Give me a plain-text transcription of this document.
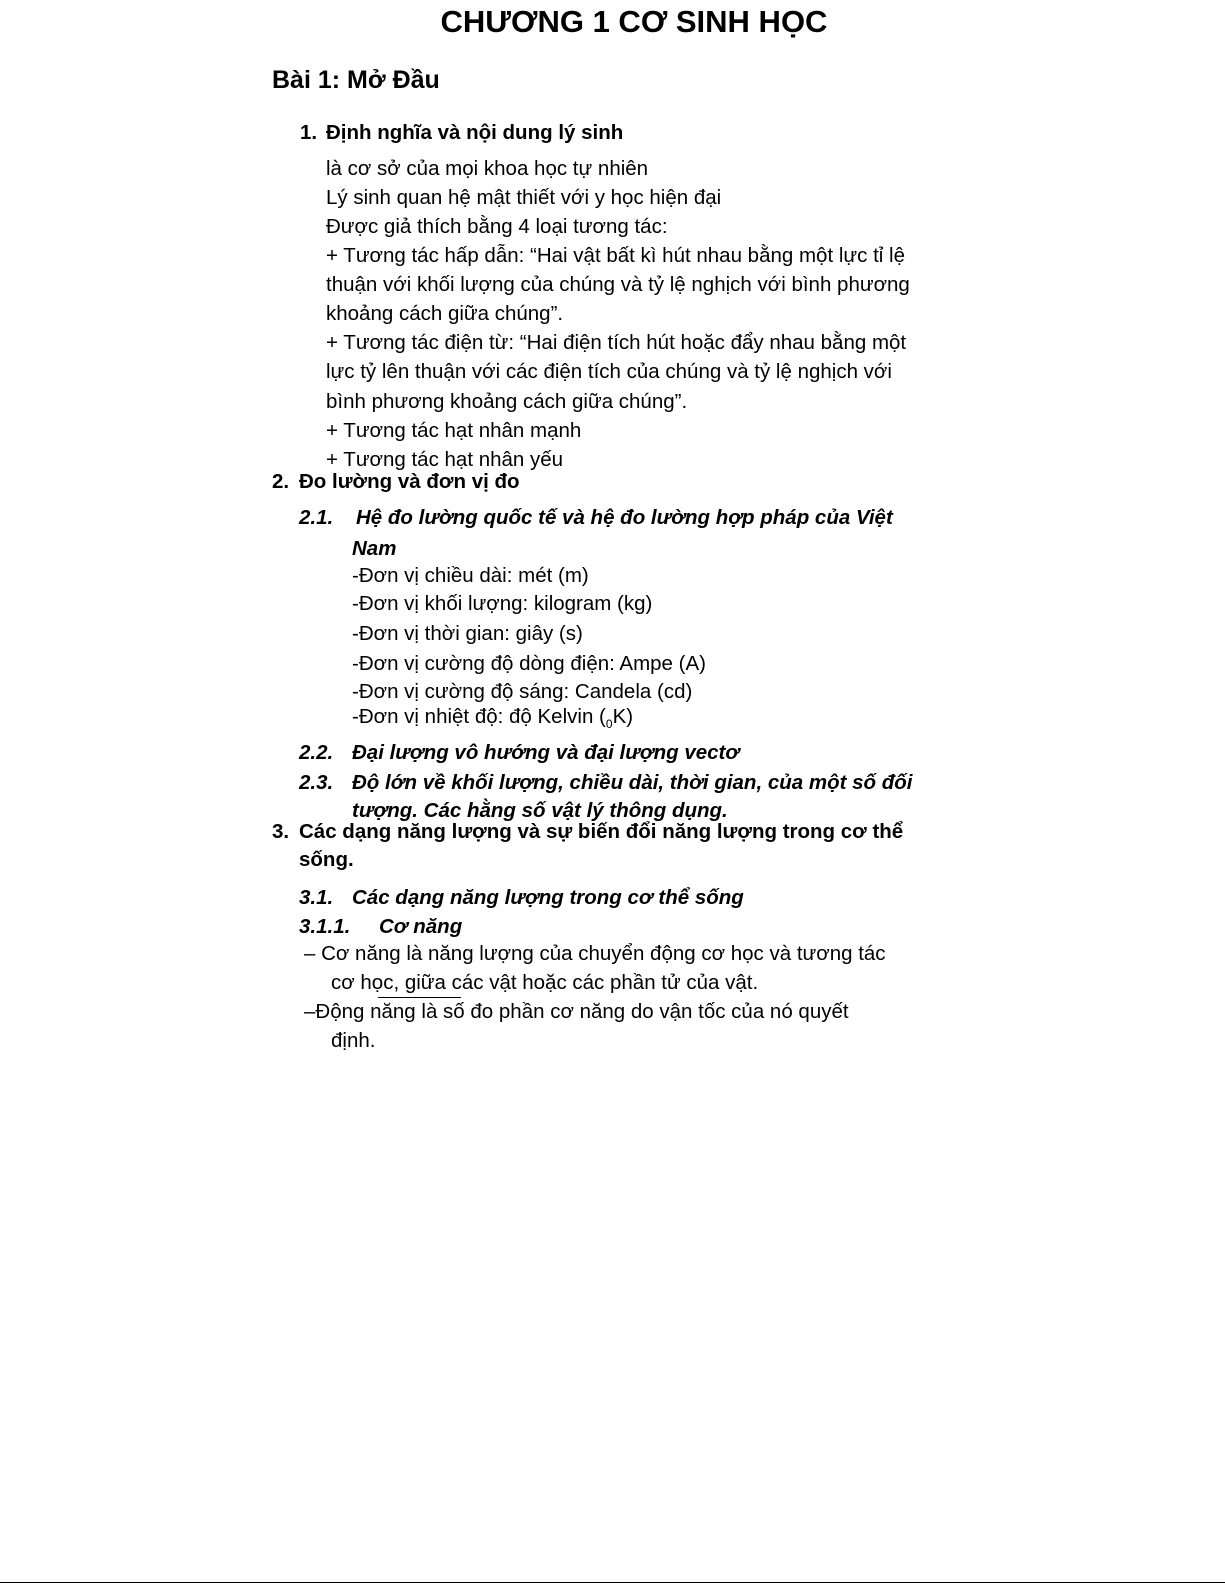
CHƯƠNG 1 CƠ SINH HỌC
Bài 1: Mở Đầu
1. Định nghĩa và nội dung lý sinh
là cơ sở của mọi khoa học tự nhiên
Lý sinh quan hệ mật thiết với y học hiện đại
Được giả thích bằng 4 loại tương tác:
+ Tương tác hấp dẫn: “Hai vật bất kì hút nhau bằng một lực tỉ lệ
thuận với khối lượng của chúng và tỷ lệ nghịch với bình phương
khoảng cách giữa chúng”.
+ Tương tác điện từ: “Hai điện tích hút hoặc đẩy nhau bằng một
lực tỷ lên thuận với các điện tích của chúng và tỷ lệ nghịch với
bình phương khoảng cách giữa chúng”.
+ Tương tác hạt nhân mạnh
+ Tương tác hạt nhân yếu
2. Đo lường và đơn vị đo
2.1. Hệ đo lường quốc tế và hệ đo lường hợp pháp của Việt
Nam
-Đơn vị chiều dài: mét (m)
-Đơn vị khối lượng: kilogram (kg)
-Đơn vị thời gian: giây (s)
-Đơn vị cường độ dòng điện: Ampe (A)
-Đơn vị cường độ sáng: Candela (cd)
-Đơn vị nhiệt độ: độ Kelvin $(_0K)$
2.2. Đại lượng vô hướng và đại lượng vectơ
2.3. Độ lớn về khối lượng, chiều dài, thời gian, của một số đối
tượng. Các hằng số vật lý thông dụng.
3. Các dạng năng lượng và sự biến đổi năng lượng trong cơ thể
sống.
3.1. Các dạng năng lượng trong cơ thể sống
3.1.1. Cơ năng
– Cơ năng là năng lượng của chuyển động cơ học và tương tác
cơ học, giữa các vật hoặc các phần tử của vật.
–Động năng là số đo phần cơ năng do vận tốc của nó quyết
định.
